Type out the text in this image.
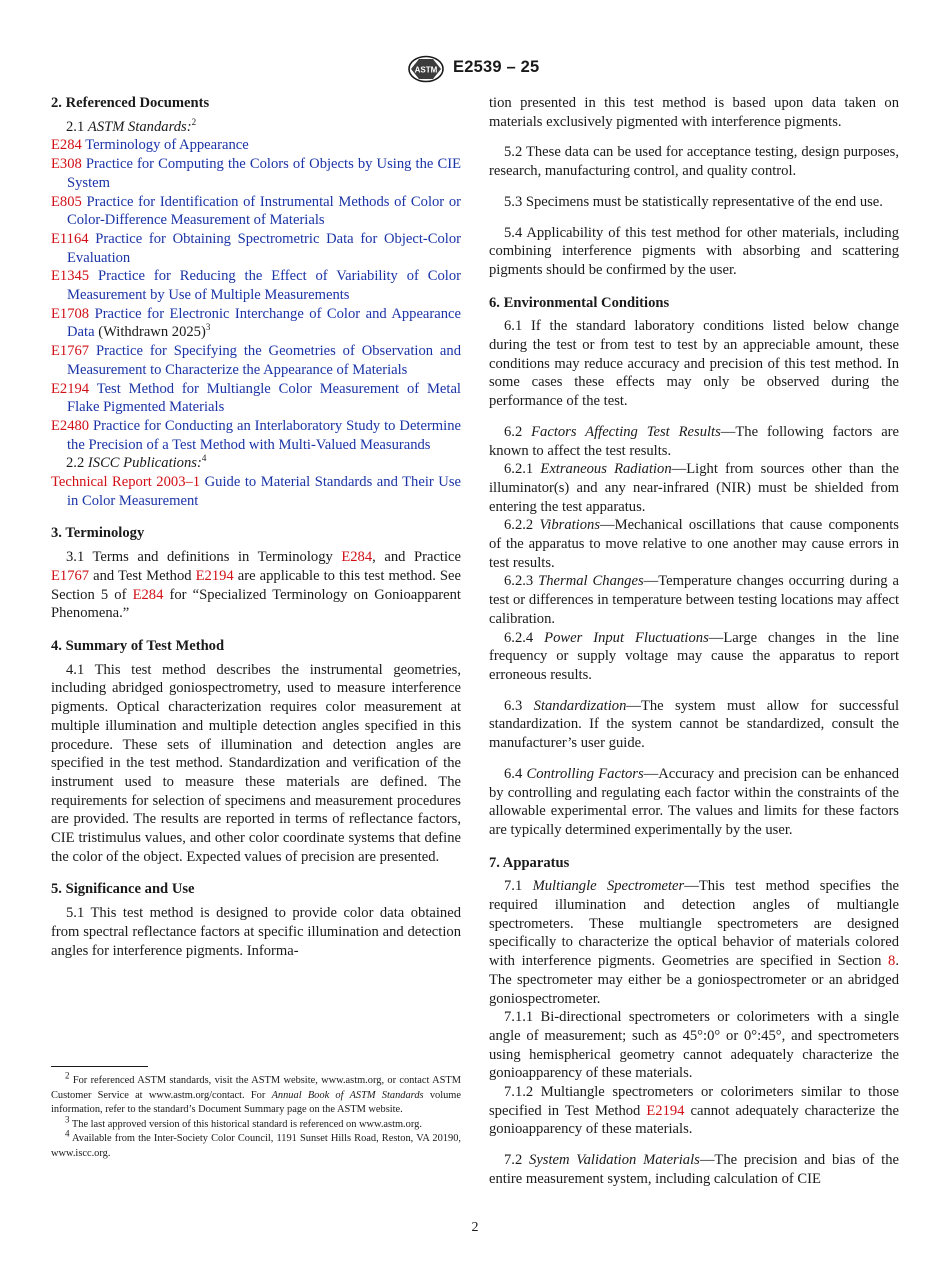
ASTM E2539 – 25
2. Referenced Documents

2.1 ASTM Standards:$^2$

E284 Terminology of Appearance

E308 Practice for Computing the Colors of Objects by Using the CIE System

E805 Practice for Identification of Instrumental Methods of Color or Color-Difference Measurement of Materials

E1164 Practice for Obtaining Spectrometric Data for Object-Color Evaluation

E1345 Practice for Reducing the Effect of Variability of Color Measurement by Use of Multiple Measurements

E1708 Practice for Electronic Interchange of Color and Appearance Data (Withdrawn 2025)$^3$

E1767 Practice for Specifying the Geometries of Observation and Measurement to Characterize the Appearance of Materials

E2194 Test Method for Multiangle Color Measurement of Metal Flake Pigmented Materials

E2480 Practice for Conducting an Interlaboratory Study to Determine the Precision of a Test Method with Multi-Valued Measurands

2.2 ISCC Publications:$^4$

Technical Report 2003–1 Guide to Material Standards and Their Use in Color Measurement

3. Terminology

3.1 Terms and definitions in Terminology E284, and Practice E1767 and Test Method E2194 are applicable to this test method. See Section 5 of E284 for “Specialized Terminology on Gonioapparent Phenomena.”

4. Summary of Test Method

4.1 This test method describes the instrumental geometries, including abridged goniospectrometry, used to measure interference pigments. Optical characterization requires color measurement at multiple illumination and multiple detection angles specified in this procedure. These sets of illumination and detection angles are specified in the test method. Standardization and verification of the instrument used to measure these materials are defined. The requirements for selection of specimens and measurement procedures are provided. The results are reported in terms of reflectance factors, CIE tristimulus values, and other color coordinate systems that define the color of the object. Expected values of precision are presented.

5. Significance and Use

5.1 This test method is designed to provide color data obtained from spectral reflectance factors at specific illumination and detection angles for interference pigments. Informa-

$^2$ For referenced ASTM standards, visit the ASTM website, www.astm.org, or contact ASTM Customer Service at www.astm.org/contact. For Annual Book of ASTM Standards volume information, refer to the standard’s Document Summary page on the ASTM website.

$^3$ The last approved version of this historical standard is referenced on www.astm.org.

$^4$ Available from the Inter-Society Color Council, 1191 Sunset Hills Road, Reston, VA 20190, www.iscc.org.

tion presented in this test method is based upon data taken on materials exclusively pigmented with interference pigments.

5.2 These data can be used for acceptance testing, design purposes, research, manufacturing control, and quality control.

5.3 Specimens must be statistically representative of the end use.

5.4 Applicability of this test method for other materials, including combining interference pigments with absorbing and scattering pigments should be confirmed by the user.

6. Environmental Conditions

6.1 If the standard laboratory conditions listed below change during the test or from test to test by an appreciable amount, these conditions may reduce accuracy and precision of this test method. In some cases these effects may only be observed during the performance of the test.

6.2 Factors Affecting Test Results—The following factors are known to affect the test results.

6.2.1 Extraneous Radiation—Light from sources other than the illuminator(s) and any near-infrared (NIR) must be shielded from entering the test apparatus.

6.2.2 Vibrations—Mechanical oscillations that cause components of the apparatus to move relative to one another may cause errors in test results.

6.2.3 Thermal Changes—Temperature changes occurring during a test or differences in temperature between testing locations may affect calibration.

6.2.4 Power Input Fluctuations—Large changes in the line frequency or supply voltage may cause the apparatus to report erroneous results.

6.3 Standardization—The system must allow for successful standardization. If the system cannot be standardized, consult the manufacturer’s user guide.

6.4 Controlling Factors—Accuracy and precision can be enhanced by controlling and regulating each factor within the constraints of the allowable experimental error. The values and limits for these factors are typically determined experimentally by the user.

7. Apparatus

7.1 Multiangle Spectrometer—This test method specifies the required illumination and detection angles of multiangle spectrometers. These multiangle spectrometers are designed specifically to characterize the optical behavior of materials colored with interference pigments. Geometries are specified in Section 8. The spectrometer may either be a goniospectrometer or an abridged goniospectrometer.

7.1.1 Bi-directional spectrometers or colorimeters with a single angle of measurement; such as 45°:0° or 0°:45°, and spectrometers using hemispherical geometry cannot adequately characterize the gonioapparency of these materials.

7.1.2 Multiangle spectrometers or colorimeters similar to those specified in Test Method E2194 cannot adequately characterize the gonioapparency of these materials.

7.2 System Validation Materials—The precision and bias of the entire measurement system, including calculation of CIE

2
